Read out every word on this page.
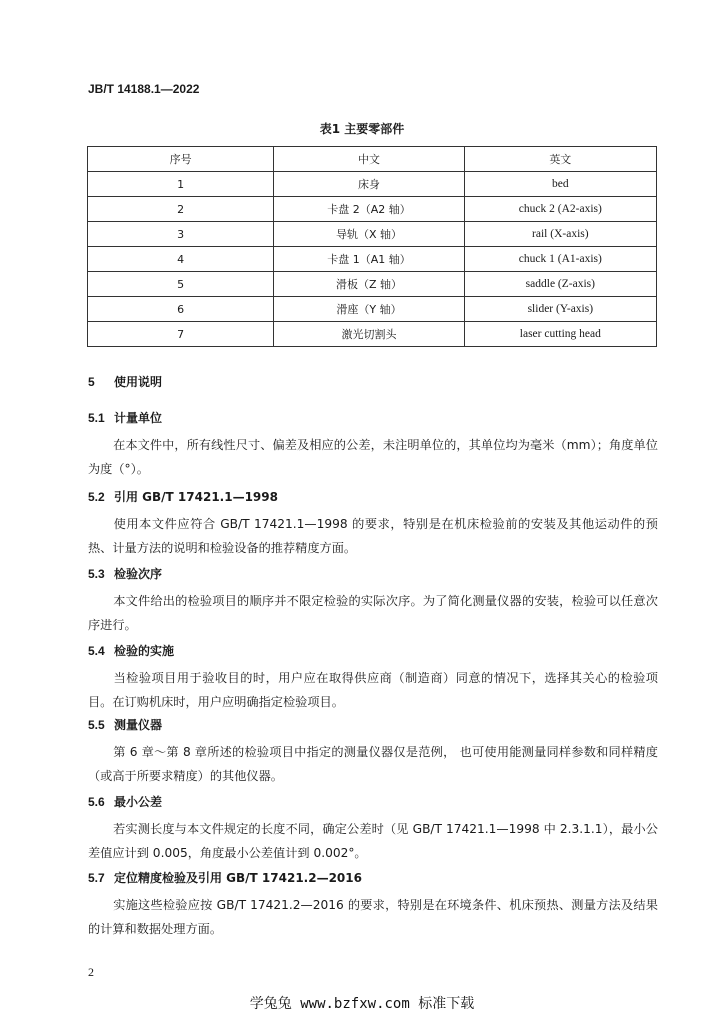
JB/T 14188.1—2022
表1 主要零部件
序号	中文	英文
1	床身	bed
2	卡盘 2（A2 轴）	chuck 2 (A2-axis)
3	导轨（X 轴）	rail (X-axis)
4	卡盘 1（A1 轴）	chuck 1 (A1-axis)
5	滑板（Z 轴）	saddle (Z-axis)
6	滑座（Y 轴）	slider (Y-axis)
7	激光切割头	laser cutting head
5 使用说明
5.1 计量单位
在本文件中，所有线性尺寸、偏差及相应的公差，未注明单位的，其单位均为毫米（mm）；角度单位为度（°）。
5.2 引用 GB/T 17421.1—1998
使用本文件应符合 GB/T 17421.1—1998 的要求，特别是在机床检验前的安装及其他运动件的预热、计量方法的说明和检验设备的推荐精度方面。
5.3 检验次序
本文件给出的检验项目的顺序并不限定检验的实际次序。为了简化测量仪器的安装，检验可以任意次序进行。
5.4 检验的实施
当检验项目用于验收目的时，用户应在取得供应商（制造商）同意的情况下，选择其关心的检验项目。在订购机床时，用户应明确指定检验项目。
5.5 测量仪器
第 6 章～第 8 章所述的检验项目中指定的测量仪器仅是范例， 也可使用能测量同样参数和同样精度（或高于所要求精度）的其他仪器。
5.6 最小公差
若实测长度与本文件规定的长度不同，确定公差时（见 GB/T 17421.1—1998 中 2.3.1.1），最小公差值应计到 0.005，角度最小公差值计到 0.002°。
5.7 定位精度检验及引用 GB/T 17421.2—2016
实施这些检验应按 GB/T 17421.2—2016 的要求，特别是在环境条件、机床预热、测量方法及结果的计算和数据处理方面。
2
学兔兔 www.bzfxw.com 标准下载
